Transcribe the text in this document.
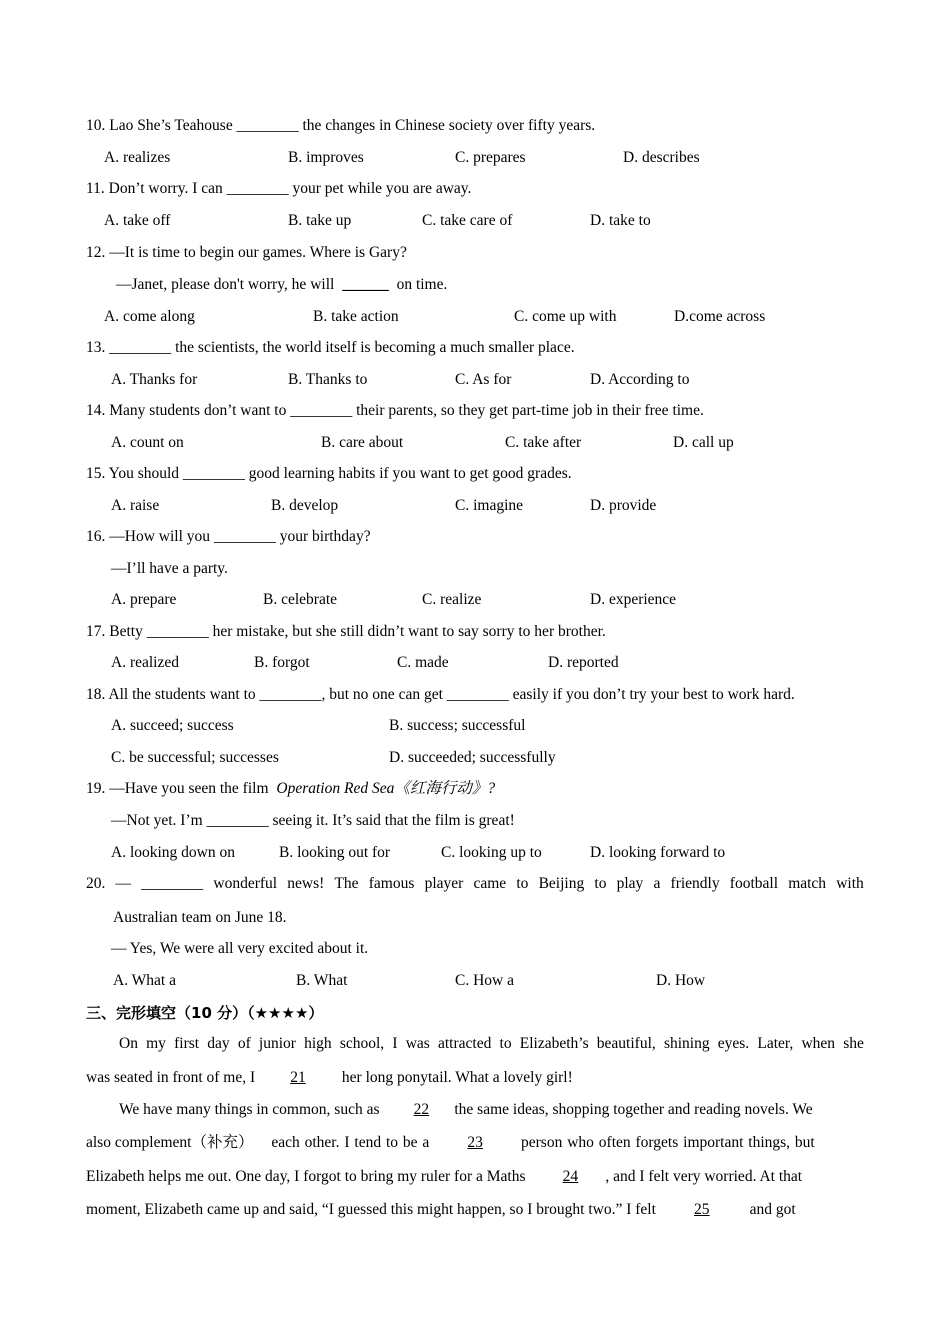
10. Lao She’s Teahouse ________ the changes in Chinese society over fifty years.
A. realizes	B. improves	C. prepares	D. describes
11. Don’t worry. I can ________ your pet while you are away.
A. take off	B. take up	C. take care of	D. take to
12. —It is time to begin our games. Where is Gary?
—Janet, please don't worry, he will ______ on time.
A. come along	B. take action	C. come up with	D.come across
13. ________ the scientists, the world itself is becoming a much smaller place.
A. Thanks for	B. Thanks to	C. As for	D. According to
14. Many students don’t want to ________ their parents, so they get part-time job in their free time.
A. count on	B. care about	C. take after	D. call up
15. You should ________ good learning habits if you want to get good grades.
A. raise	B. develop	C. imagine	D. provide
16. —How will you ________ your birthday?
—I’ll have a party.
A. prepare	B. celebrate	C. realize	D. experience
17. Betty ________ her mistake, but she still didn’t want to say sorry to her brother.
A. realized	B. forgot	C. made	D. reported
18. All the students want to ________, but no one can get ________ easily if you don’t try your best to work hard.
A. succeed; success	B. success; successful
C. be successful; successes	D. succeeded; successfully
19. —Have you seen the film Operation Red Sea《红海行动》?
—Not yet. I’m ________ seeing it. It’s said that the film is great!
A. looking down on	B. looking out for	C. looking up to	D. looking forward to
20. — ________ wonderful news! The famous player came to Beijing to play a friendly football match with
Australian team on June 18.
— Yes, We were all very excited about it.
A. What a	B. What	C. How a	D. How
三、完形填空（10 分）（★★★★）
On my first day of junior high school, I was attracted to Elizabeth’s beautiful, shining eyes. Later, when she
was seated in front of me, I 21 her long ponytail. What a lovely girl!
We have many things in common, such as 22 the same ideas, shopping together and reading novels. We
also complement（补充） each other. I tend to be a 23 person who often forgets important things, but
Elizabeth helps me out. One day, I forgot to bring my ruler for a Maths 24 , and I felt very worried. At that
moment, Elizabeth came up and said, “I guessed this might happen, so I brought two.” I felt 25	and got
